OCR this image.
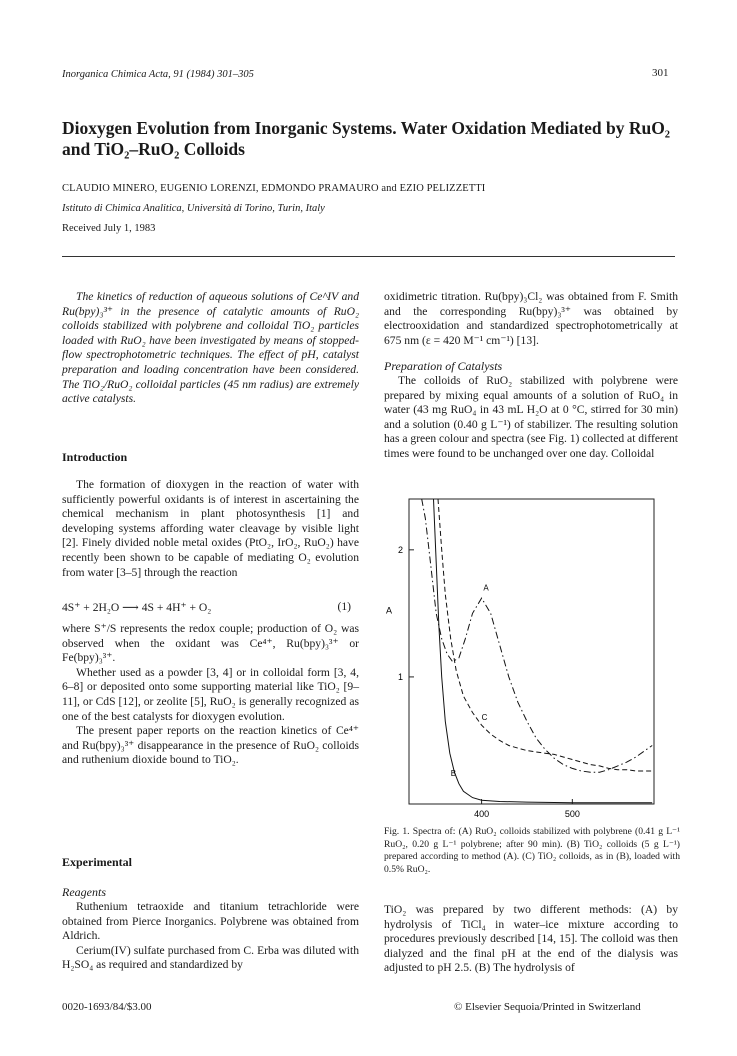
Inorganica Chimica Acta, 91 (1984) 301–305	301
Dioxygen Evolution from Inorganic Systems. Water Oxidation Mediated by RuO₂
and TiO₂–RuO₂ Colloids
CLAUDIO MINERO, EUGENIO LORENZI, EDMONDO PRAMAURO and EZIO PELIZZETTI
Istituto di Chimica Analitica, Università di Torino, Turin, Italy
Received July 1, 1983

The kinetics of reduction of aqueous solutions of Ce^IV and Ru(bpy)₃³⁺ in the presence of catalytic amounts of RuO₂ colloids stabilized with polybrene and colloidal TiO₂ particles loaded with RuO₂ have been investigated by means of stopped-flow spectrophotometric techniques. The effect of pH, catalyst preparation and loading concentration have been considered. The TiO₂/RuO₂ colloidal particles (45 nm radius) are extremely active catalysts.

Introduction

The formation of dioxygen in the reaction of water with sufficiently powerful oxidants is of interest in ascertaining the chemical mechanism in plant photosynthesis [1] and developing systems affording water cleavage by visible light [2]. Finely divided noble metal oxides (PtO₂, IrO₂, RuO₂) have recently been shown to be capable of mediating O₂ evolution from water [3–5] through the reaction

4S⁺ + 2H₂O ⟶ 4S + 4H⁺ + O₂	(1)

where S⁺/S represents the redox couple; production of O₂ was observed when the oxidant was Ce⁴⁺, Ru(bpy)₃³⁺ or Fe(bpy)₃³⁺.

Whether used as a powder [3, 4] or in colloidal form [3, 4, 6–8] or deposited onto some supporting material like TiO₂ [9–11], or CdS [12], or zeolite [5], RuO₂ is generally recognized as one of the best catalysts for dioxygen evolution.

The present paper reports on the reaction kinetics of Ce⁴⁺ and Ru(bpy)₃³⁺ disappearance in the presence of RuO₂ colloids and ruthenium dioxide bound to TiO₂.

Experimental
Reagents

Ruthenium tetraoxide and titanium tetrachloride were obtained from Pierce Inorganics. Polybrene was obtained from Aldrich.

Cerium(IV) sulfate purchased from C. Erba was diluted with H₂SO₄ as required and standardized by

oxidimetric titration. Ru(bpy)₃Cl₂ was obtained from F. Smith and the corresponding Ru(bpy)₃³⁺ was obtained by electrooxidation and standardized spectrophotometrically at 675 nm (ε = 420 M⁻¹ cm⁻¹) [13].

Preparation of Catalysts

The colloids of RuO₂ stabilized with polybrene were prepared by mixing equal amounts of a solution of RuO₄ in water (43 mg RuO₄ in 43 mL H₂O at 0 °C, stirred for 30 min) and a solution (0.40 g L⁻¹) of stabilizer. The resulting solution has a green colour and spectra (see Fig. 1) collected at different times were found to be unchanged over one day. Colloidal

400	500
1
2
A
A
B
C
Fig. 1. Spectra of: (A) RuO₂ colloids stabilized with polybrene (0.41 g L⁻¹ RuO₂, 0.20 g L⁻¹ polybrene; after 90 min). (B) TiO₂ colloids (5 g L⁻¹) prepared according to method (A). (C) TiO₂ colloids, as in (B), loaded with 0.5% RuO₂.

TiO₂ was prepared by two different methods: (A) by hydrolysis of TiCl₄ in water–ice mixture according to procedures previously described [14, 15]. The colloid was then dialyzed and the final pH at the end of the dialysis was adjusted to pH 2.5. (B) The hydrolysis of

0020-1693/84/$3.00	© Elsevier Sequoia/Printed in Switzerland
